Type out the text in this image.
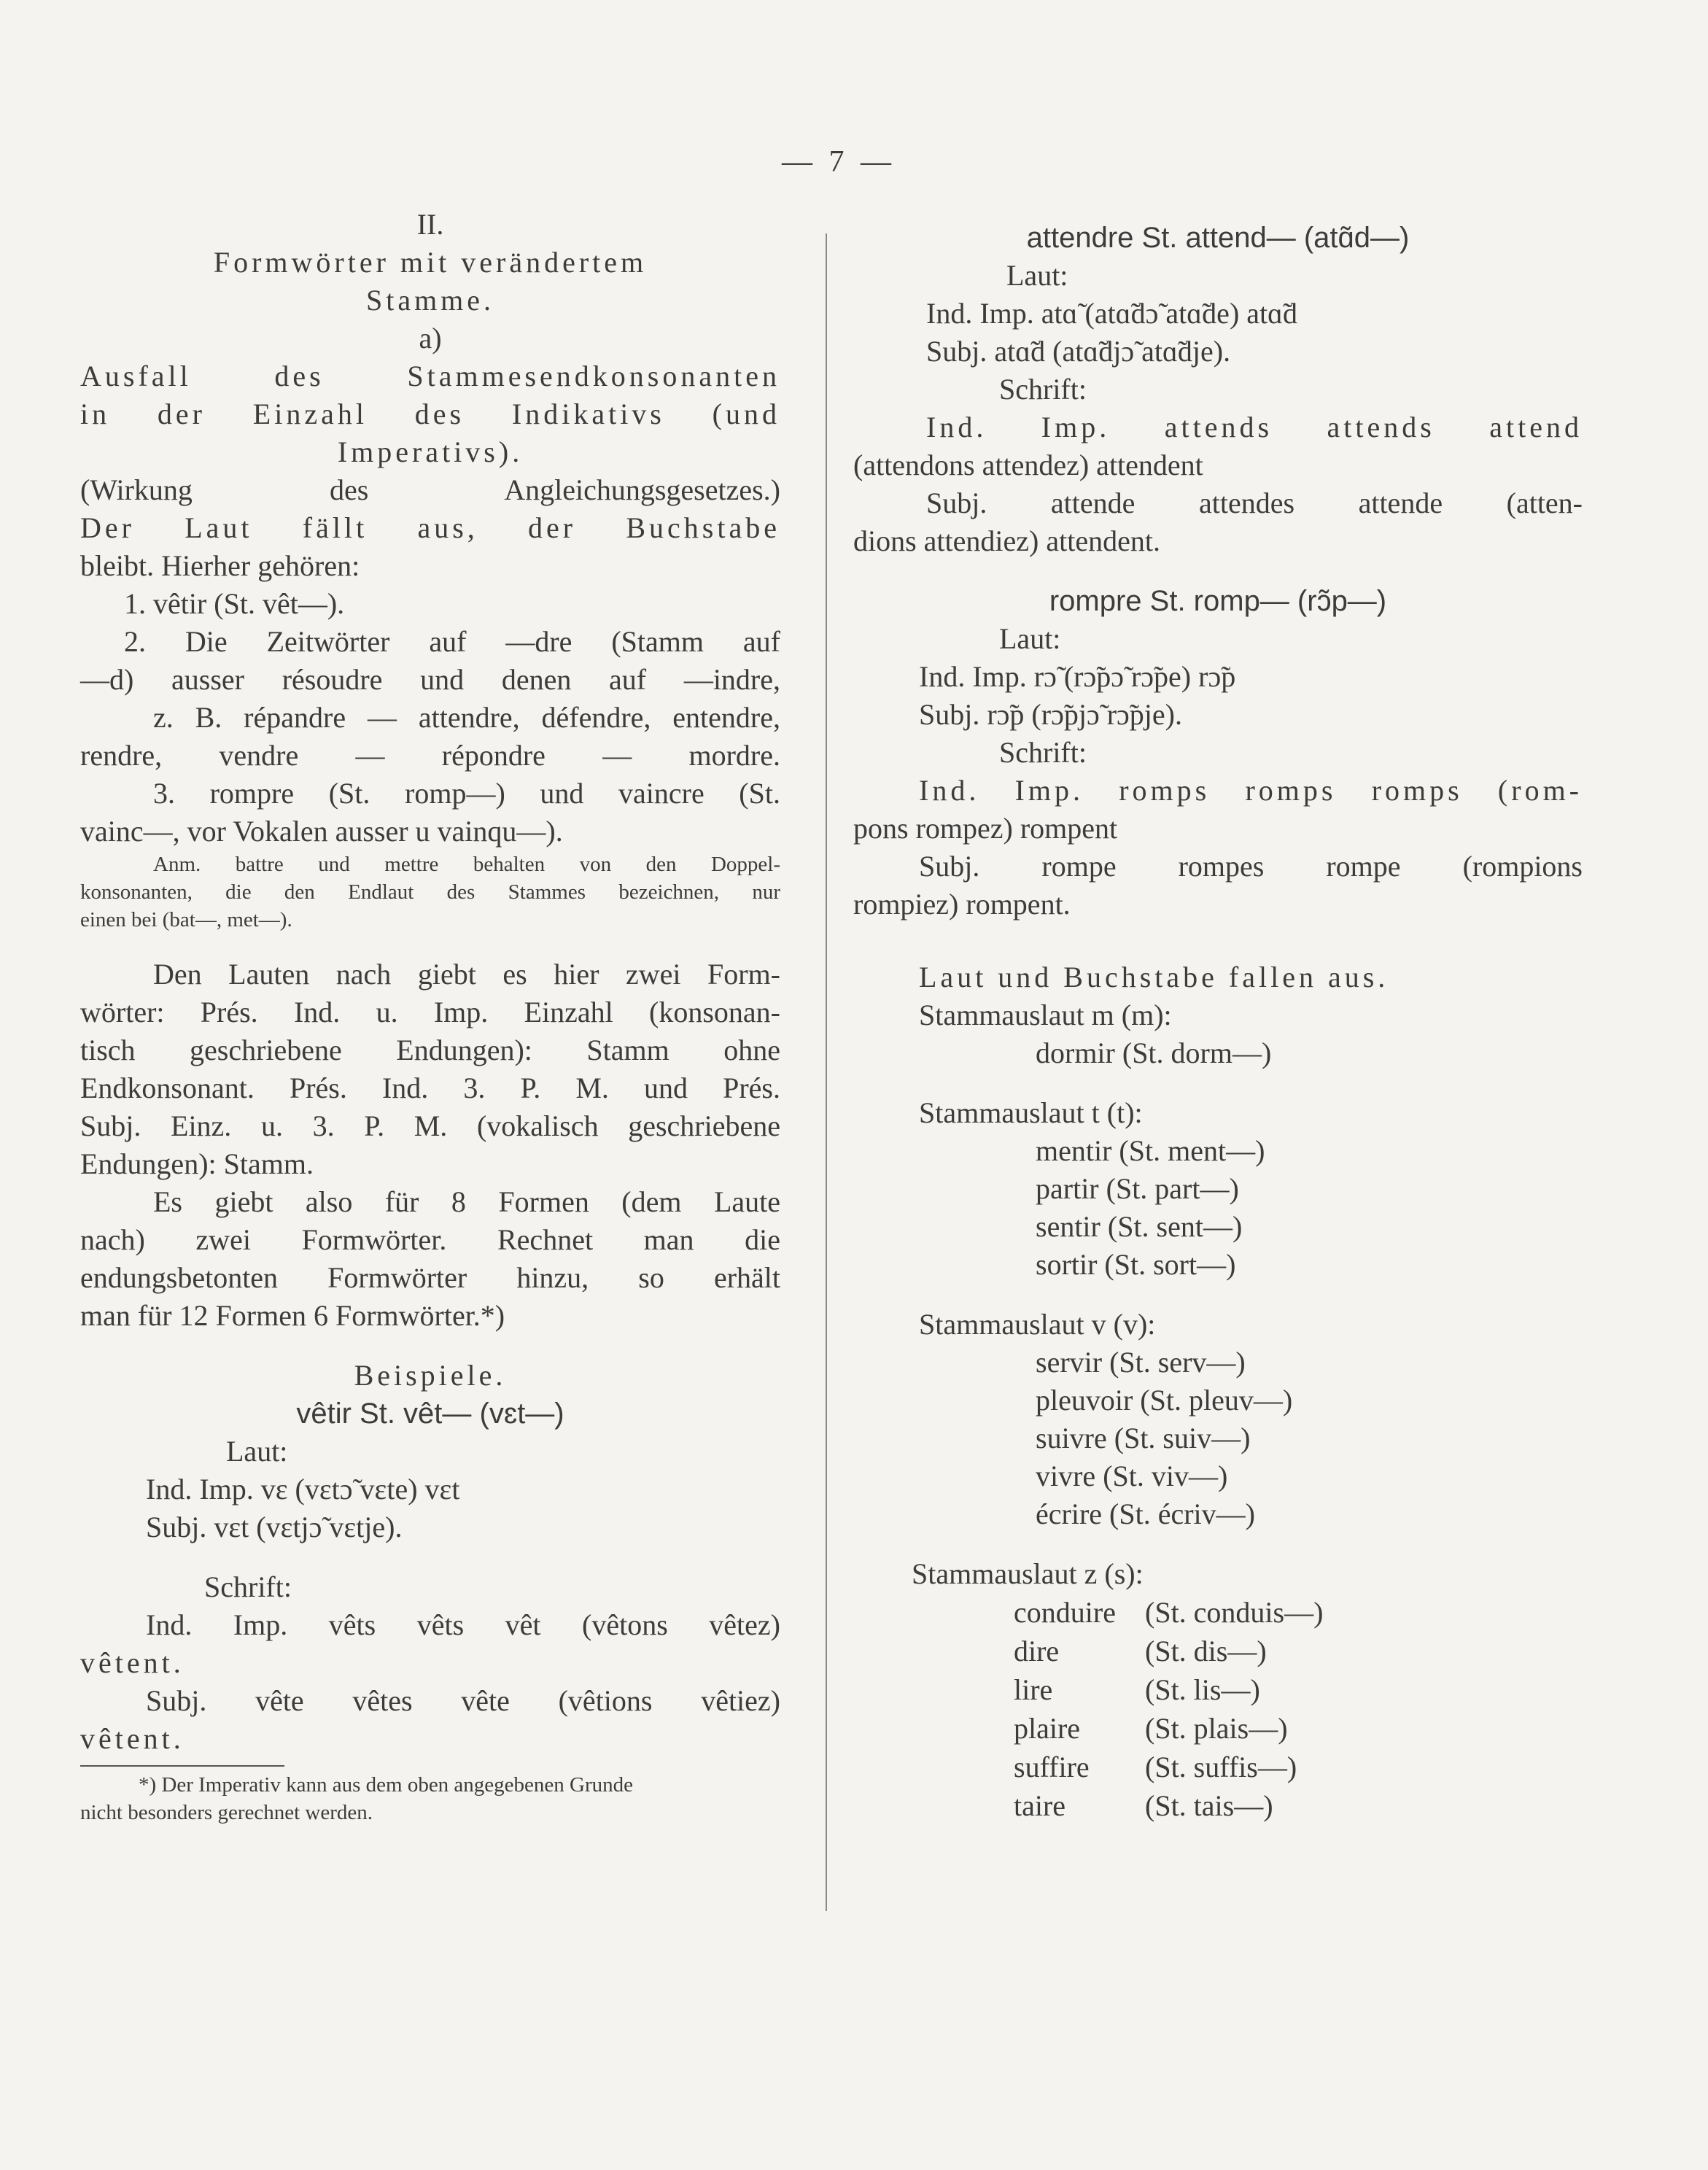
— 7 —
II.
Formwörter mit verändertem
Stamme.
a)
Ausfall des Stammesendkonsonanten
in der Einzahl des Indikativs (und
Imperativs).
(Wirkung des Angleichungsgesetzes.)
Der Laut fällt aus, der Buchstabe
bleibt. Hierher gehören:
1. vêtir (St. vêt—).
2. Die Zeitwörter auf —dre (Stamm auf
—d) ausser résoudre und denen auf —indre,
z. B. répandre — attendre, défendre, entendre,
rendre, vendre — répondre — mordre.
3. rompre (St. romp—) und vaincre (St.
vainc—, vor Vokalen ausser u vainqu—).
Anm. battre und mettre behalten von den Doppel-
konsonanten, die den Endlaut des Stammes bezeichnen, nur
einen bei (bat—, met—).
Den Lauten nach giebt es hier zwei Form-
wörter: Prés. Ind. u. Imp. Einzahl (konsonan-
tisch geschriebene Endungen): Stamm ohne
Endkonsonant. Prés. Ind. 3. P. M. und Prés.
Subj. Einz. u. 3. P. M. (vokalisch geschriebene
Endungen): Stamm.
Es giebt also für 8 Formen (dem Laute
nach) zwei Formwörter. Rechnet man die
endungsbetonten Formwörter hinzu, so erhält
man für 12 Formen 6 Formwörter.*)
Beispiele.
vêtir St. vêt— (vɛt—)
Laut:
Ind. Imp. vɛ (vɛtɔ̃ vɛte) vɛt
Subj. vɛt (vɛtjɔ̃ vɛtje).
Schrift:
Ind. Imp. vêts vêts vêt (vêtons vêtez)
vêtent.
Subj. vête vêtes vête (vêtions vêtiez)
vêtent.
*) Der Imperativ kann aus dem oben angegebenen Grunde
nicht besonders gerechnet werden.
attendre St. attend— (atɑ̃d—)
Laut:
Ind. Imp. atɑ̃ (atɑ̃dɔ̃ atɑ̃de) atɑ̃d
Subj. atɑ̃d (atɑ̃djɔ̃ atɑ̃dje).
Schrift:
Ind. Imp. attends attends attend
(attendons attendez) attendent
Subj. attende attendes attende (atten-
dions attendiez) attendent.
rompre St. romp— (rɔ̃p—)
Laut:
Ind. Imp. rɔ̃ (rɔ̃pɔ̃ rɔ̃pe) rɔ̃p
Subj. rɔ̃p (rɔ̃pjɔ̃ rɔ̃pje).
Schrift:
Ind. Imp. romps romps romps (rom-
pons rompez) rompent
Subj. rompe rompes rompe (rompions
rompiez) rompent.
Laut und Buchstabe fallen aus.
Stammauslaut m (m):
dormir (St. dorm—)
Stammauslaut t (t):
mentir (St. ment—)
partir (St. part—)
sentir (St. sent—)
sortir (St. sort—)
Stammauslaut v (v):
servir (St. serv—)
pleuvoir (St. pleuv—)
suivre (St. suiv—)
vivre (St. viv—)
écrire (St. écriv—)
Stammauslaut z (s):
conduire	(St. conduis—)
dire	(St. dis—)
lire	(St. lis—)
plaire	(St. plais—)
suffire	(St. suffis—)
taire	(St. tais—)
